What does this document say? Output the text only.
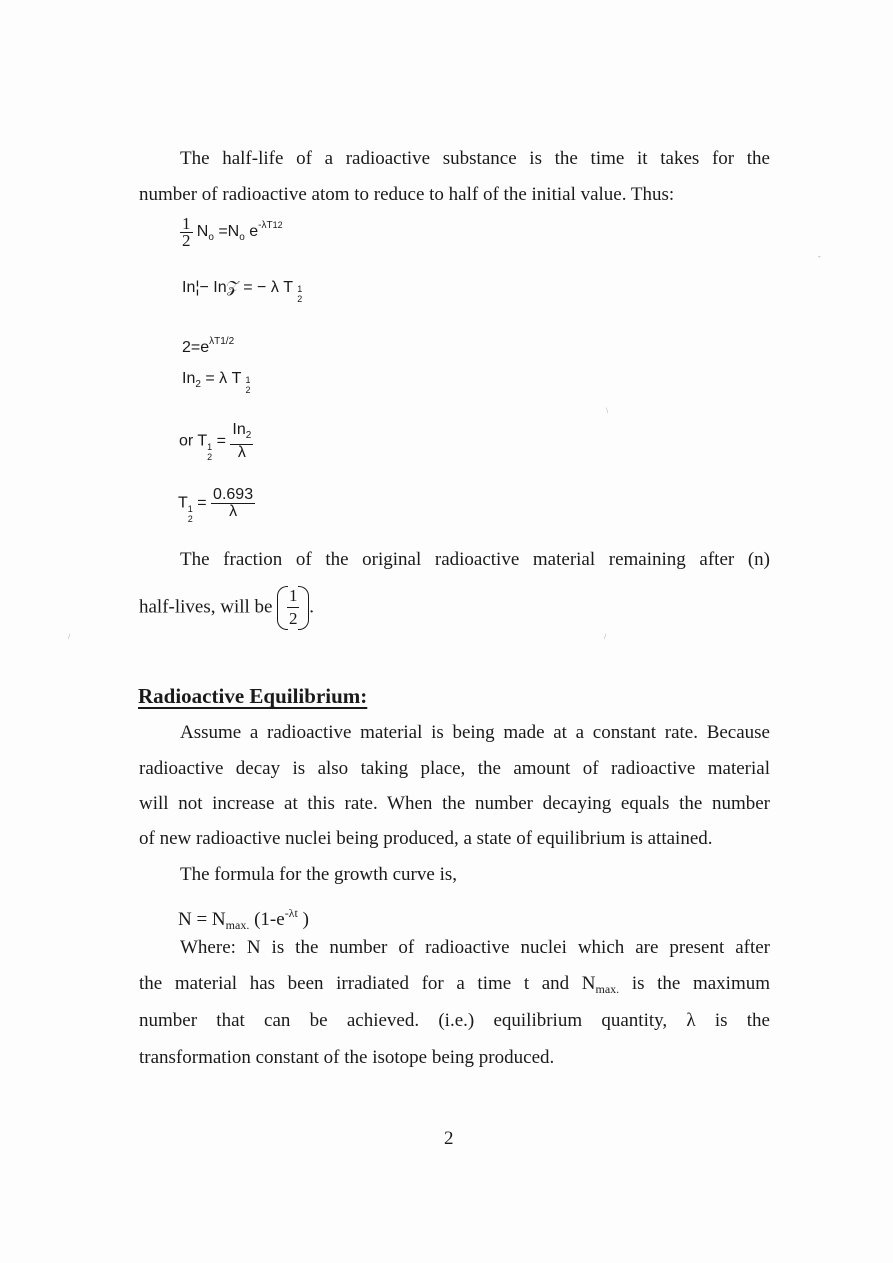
The half-life of a radioactive substance is the time it takes for the
number of radioactive atom to reduce to half of the initial value. Thus:
$\frac{1}{2} N_o =N_o$ $e^{-\lambda T12}$
In¦− In𝒵 = − λ T 1
2
$2=e^{\lambda T1/2}$
$In_2 = \lambda$ T 1
2
or T 1
2
= $\frac{In_2}{\lambda}$
T 1
2
= $\frac{0.693}{\lambda}$
The fraction of the original radioactive material remaining after (n)
half-lives, will be $\frac{1}{2}$ .
Radioactive Equilibrium:
Assume a radioactive material is being made at a constant rate. Because
radioactive decay is also taking place, the amount of radioactive material
will not increase at this rate. When the number decaying equals the number
of new radioactive nuclei being produced, a state of equilibrium is attained.
The formula for the growth curve is,
$N = N_{max.}$ ($1-e^{-\lambda t}$ )
Where: N is the number of radioactive nuclei which are present after
the material has been irradiated for a time t and $N_{max.}$ is the maximum
number that can be achieved. (i.e.) equilibrium quantity, λ is the
transformation constant of the isotope being produced.
2
-
\
/	/
